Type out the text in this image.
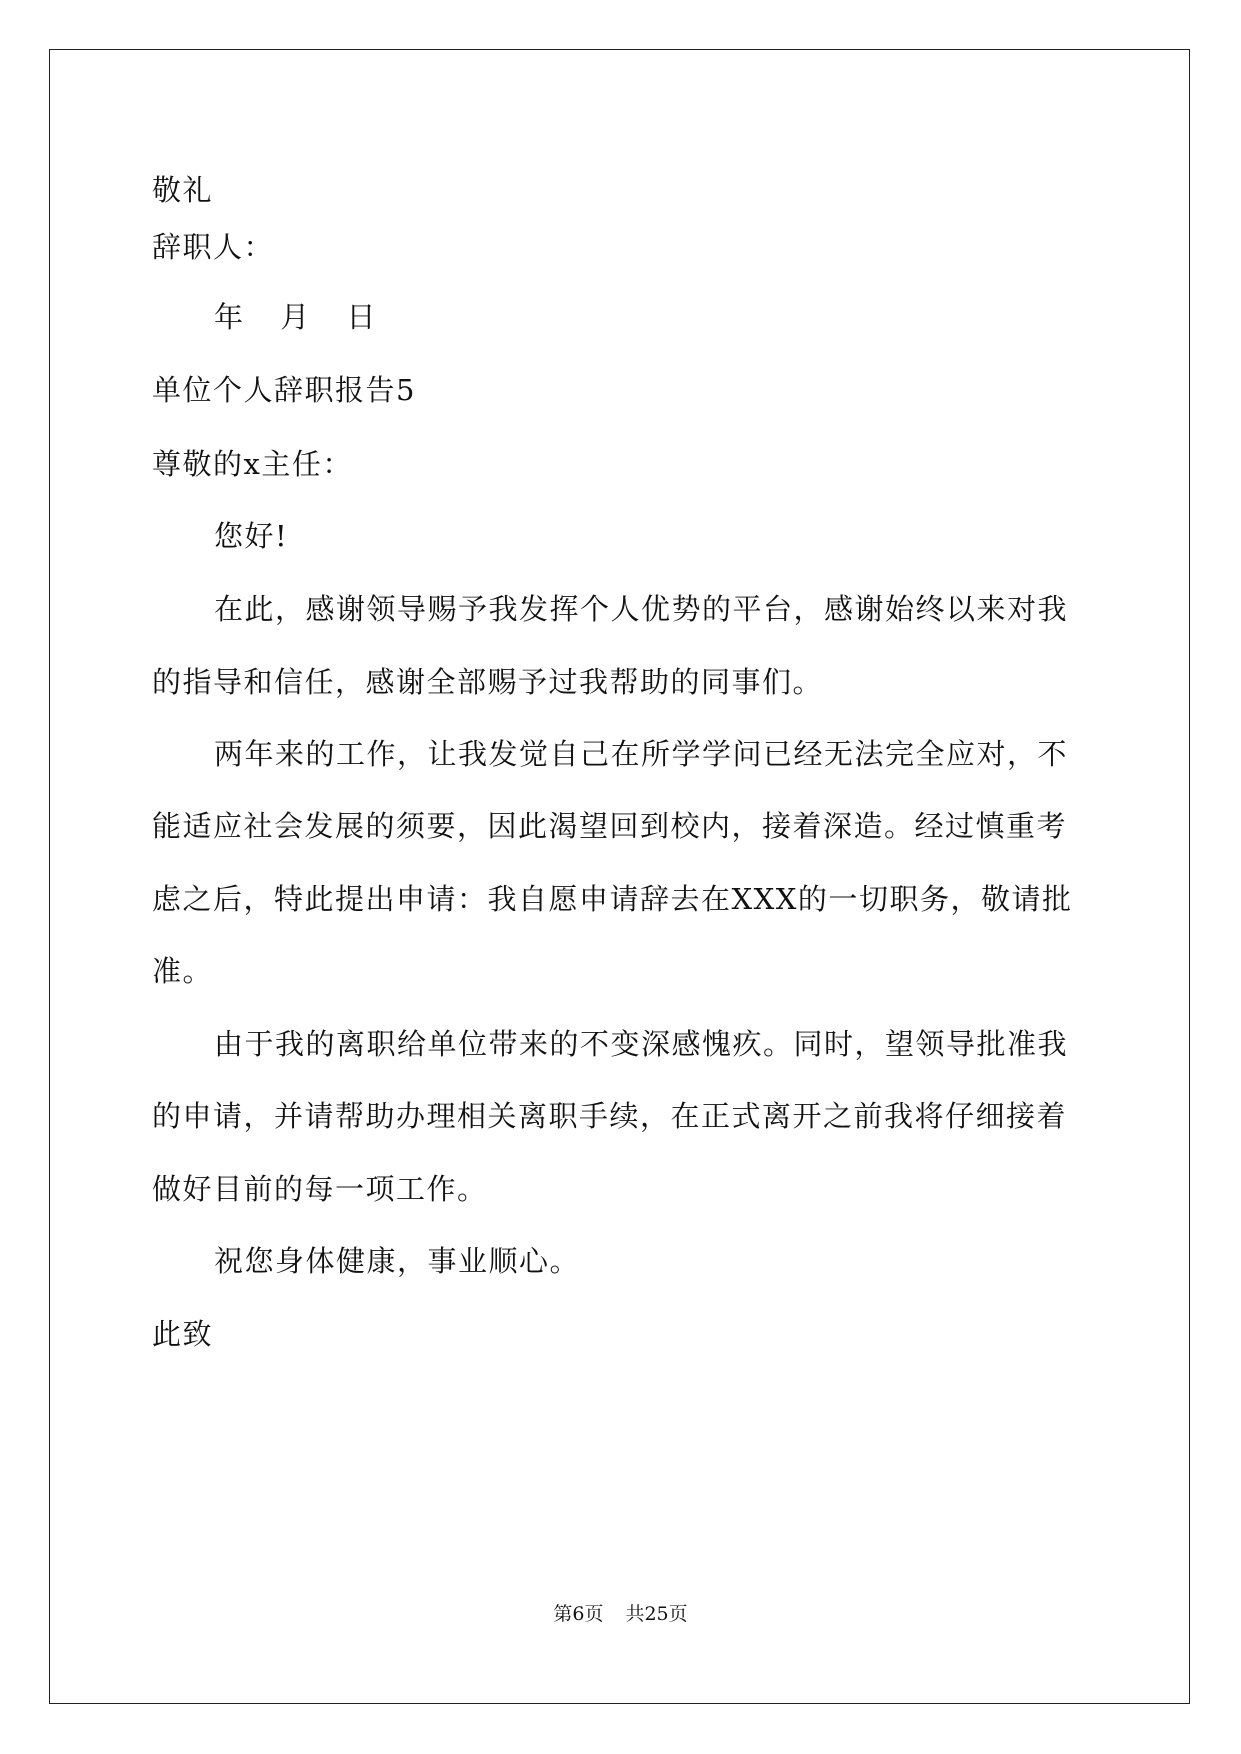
敬礼
辞职人：
年 月 日
单位个人辞职报告5
尊敬的x主任：
您好!
在此，感谢领导赐予我发挥个人优势的平台，感谢始终以来对我
的指导和信任，感谢全部赐予过我帮助的同事们。
两年来的工作，让我发觉自己在所学学问已经无法完全应对，不
能适应社会发展的须要，因此渴望回到校内，接着深造。经过慎重考
虑之后，特此提出申请：我自愿申请辞去在XXX的一切职务，敬请批
准。
由于我的离职给单位带来的不变深感愧疚。同时，望领导批准我
的申请，并请帮助办理相关离职手续，在正式离开之前我将仔细接着
做好目前的每一项工作。
祝您身体健康，事业顺心。
此致
第6页 共25页
